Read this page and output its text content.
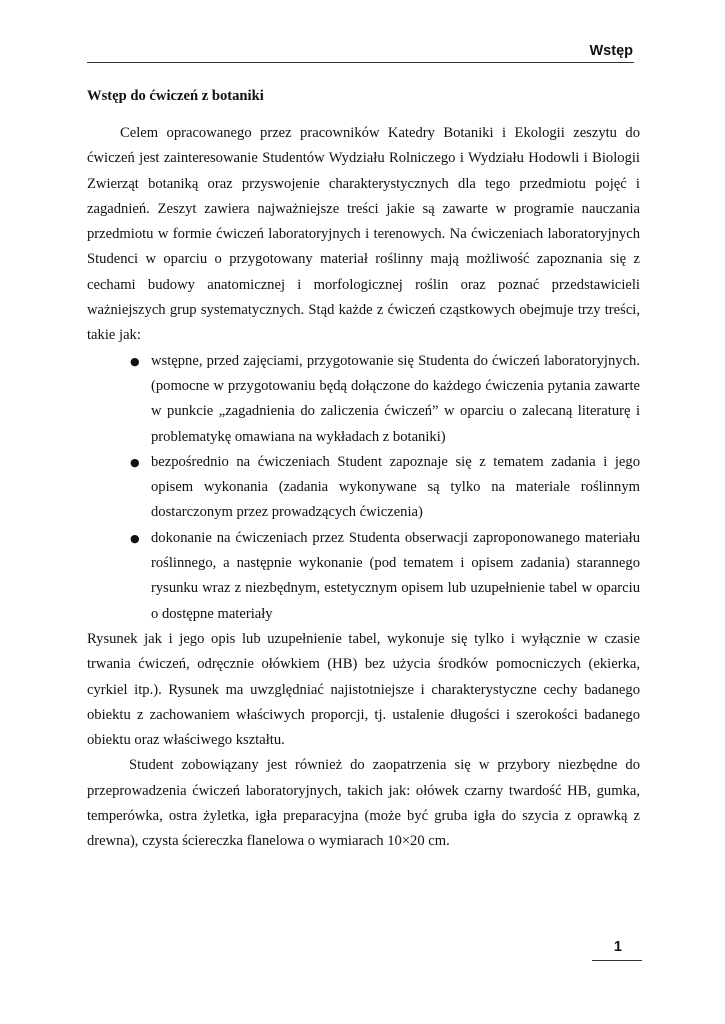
Wstęp
Wstęp do ćwiczeń z botaniki

Celem opracowanego przez pracowników Katedry Botaniki i Ekologii zeszytu do ćwiczeń jest zainteresowanie Studentów Wydziału Rolniczego i Wydziału Hodowli i Biologii Zwierząt botaniką oraz przyswojenie charakterystycznych dla tego przedmiotu pojęć i zagadnień. Zeszyt zawiera najważniejsze treści jakie są zawarte w programie nauczania przedmiotu w formie ćwiczeń laboratoryjnych i terenowych. Na ćwiczeniach laboratoryjnych Studenci w oparciu o przygotowany materiał roślinny mają możliwość zapoznania się z cechami budowy anatomicznej i morfologicznej roślin oraz poznać przedstawicieli ważniejszych grup systematycznych. Stąd każde z ćwiczeń cząstkowych obejmuje trzy treści, takie jak:

● wstępne, przed zajęciami, przygotowanie się Studenta do ćwiczeń laboratoryjnych. (pomocne w przygotowaniu będą dołączone do każdego ćwiczenia pytania zawarte w punkcie „zagadnienia do zaliczenia ćwiczeń” w oparciu o zalecaną literaturę i problematykę omawiana na wykładach z botaniki)
● bezpośrednio na ćwiczeniach Student zapoznaje się z tematem zadania i jego opisem wykonania (zadania wykonywane są tylko na materiale roślinnym dostarczonym przez prowadzących ćwiczenia)
● dokonanie na ćwiczeniach przez Studenta obserwacji zaproponowanego materiału roślinnego, a następnie wykonanie (pod tematem i opisem zadania) starannego rysunku wraz z niezbędnym, estetycznym opisem lub uzupełnienie tabel w oparciu o dostępne materiały

Rysunek jak i jego opis lub uzupełnienie tabel, wykonuje się tylko i wyłącznie w czasie trwania ćwiczeń, odręcznie ołówkiem (HB) bez użycia środków pomocniczych (ekierka, cyrkiel itp.). Rysunek ma uwzględniać najistotniejsze i charakterystyczne cechy badanego obiektu z zachowaniem właściwych proporcji, tj. ustalenie długości i szerokości badanego obiektu oraz właściwego kształtu.

Student zobowiązany jest również do zaopatrzenia się w przybory niezbędne do przeprowadzenia ćwiczeń laboratoryjnych, takich jak: ołówek czarny twardość HB, gumka, temperówka, ostra żyletka, igła preparacyjna (może być gruba igła do szycia z oprawką z drewna), czysta ściereczka flanelowa o wymiarach 10×20 cm.

1
